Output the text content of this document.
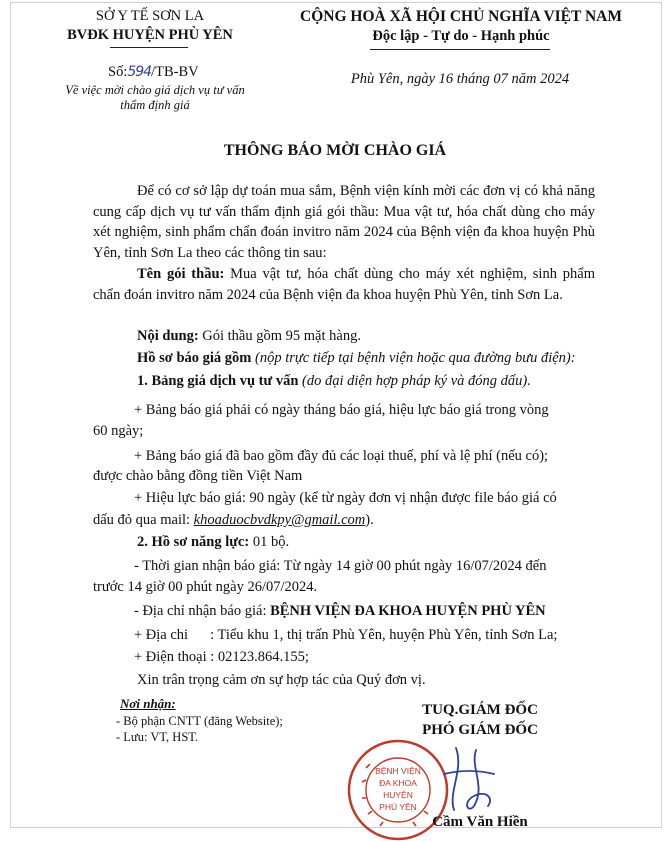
SỞ Y TẾ SƠN LA
BVĐK HUYỆN PHÙ YÊN
CỘNG HOÀ XÃ HỘI CHỦ NGHĨA VIỆT NAM
Độc lập - Tự do - Hạnh phúc
Số:594/TB-BV
Về việc mời chào giá dịch vụ tư vấn
thẩm định giá
Phù Yên, ngày 16 tháng 07 năm 2024
THÔNG BÁO MỜI CHÀO GIÁ

Để có cơ sở lập dự toán mua sắm, Bệnh viện kính mời các đơn vị có khả năng cung cấp dịch vụ tư vấn thẩm định giá gói thầu: Mua vật tư, hóa chất dùng cho máy xét nghiệm, sinh phẩm chẩn đoán invitro năm 2024 của Bệnh viện đa khoa huyện Phù Yên, tỉnh Sơn La theo các thông tin sau:

Tên gói thầu: Mua vật tư, hóa chất dùng cho máy xét nghiệm, sinh phẩm chẩn đoán invitro năm 2024 của Bệnh viện đa khoa huyện Phù Yên, tỉnh Sơn La.

Nội dung: Gói thầu gồm 95 mặt hàng.
Hồ sơ báo giá gồm (nộp trực tiếp tại bệnh viện hoặc qua đường bưu điện):
1. Bảng giá dịch vụ tư vấn (do đại diện hợp pháp ký và đóng dấu).
+ Bảng báo giá phải có ngày tháng báo giá, hiệu lực báo giá trong vòng
60 ngày;
+ Bảng báo giá đã bao gồm đầy đủ các loại thuế, phí và lệ phí (nếu có);
được chào bằng đồng tiền Việt Nam
+ Hiệu lực báo giá: 90 ngày (kể từ ngày đơn vị nhận được file báo giá có
dấu đỏ qua mail: khoaduocbvdkpy@gmail.com).
2. Hồ sơ năng lực: 01 bộ.
- Thời gian nhận báo giá: Từ ngày 14 giờ 00 phút ngày 16/07/2024 đến
trước 14 giờ 00 phút ngày 26/07/2024.
- Địa chỉ nhận báo giá: BỆNH VIỆN ĐA KHOA HUYỆN PHÙ YÊN
+ Địa chi : Tiểu khu 1, thị trấn Phù Yên, huyện Phù Yên, tỉnh Sơn La;
+ Điện thoại : 02123.864.155;
Xin trân trọng cảm ơn sự hợp tác của Quý đơn vị.
Nơi nhận:
- Bộ phận CNTT (đăng Website);
- Lưu: VT, HST.
TUQ.GIÁM ĐỐC
PHÓ GIÁM ĐỐC
BỆNH VIỆN
ĐA KHOA
HUYỆN
PHÙ YÊN
Cầm Văn Hiền
